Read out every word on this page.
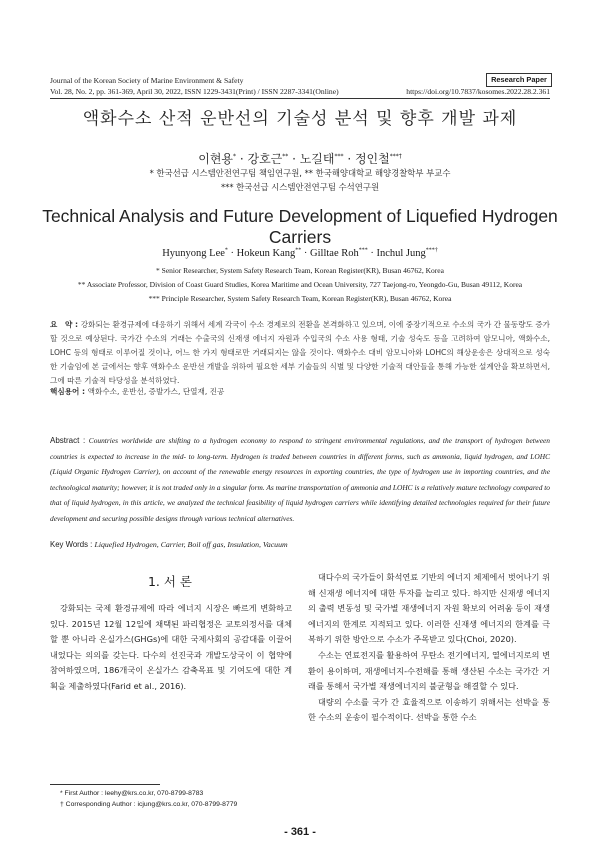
Journal of the Korean Society of Marine Environment & Safety	Research Paper
Vol. 28, No. 2, pp. 361-369, April 30, 2022, ISSN 1229-3431(Print) / ISSN 2287-3341(Online)	https://doi.org/10.7837/kosomes.2022.28.2.361
액화수소 산적 운반선의 기술성 분석 및 향후 개발 과제
이현용* · 강호근** · 노길태*** · 정인철***†
* 한국선급 시스템안전연구팀 책임연구원, ** 한국해양대학교 해양경찰학부 부교수
*** 한국선급 시스템안전연구팀 수석연구원
Technical Analysis and Future Development of Liquefied Hydrogen Carriers
Hyunyong Lee* · Hokeun Kang** · Gilltae Roh*** · Inchul Jung***†
* Senior Researcher, System Safety Research Team, Korean Register(KR), Busan 46762, Korea
** Associate Professor, Division of Coast Guard Studies, Korea Maritime and Ocean University, 727 Taejong-ro, Yeongdo-Gu, Busan 49112, Korea
*** Principle Researcher, System Safety Research Team, Korean Register(KR), Busan 46762, Korea
요　약 : 강화되는 환경규제에 대응하기 위해서 세계 각국이 수소 경제로의 전환을 본격화하고 있으며, 이에 중장기적으로 수소의 국가 간 물동량도 증가할 것으로 예상된다. 국가간 수소의 거래는 수출국의 신재생 에너지 자원과 수입국의 수소 사용 형태, 기술 성숙도 등을 고려하여 암모니아, 액화수소, LOHC 등의 형태로 이루어질 것이나, 어느 한 가지 형태로만 거래되지는 않을 것이다. 액화수소 대비 암모니아와 LOHC의 해상운송은 상대적으로 성숙한 기술임에 본 글에서는 향후 액화수소 운반선 개발을 위하여 필요한 세부 기술들의 식별 및 다양한 기술적 대안들을 통해 가능한 설계안을 확보하면서, 그에 따른 기술적 타당성을 분석하였다.
핵심용어 : 액화수소, 운반선, 증발가스, 단열재, 진공
Abstract : Countries worldwide are shifting to a hydrogen economy to respond to stringent environmental regulations, and the transport of hydrogen between countries is expected to increase in the mid- to long-term. Hydrogen is traded between countries in different forms, such as ammonia, liquid hydrogen, and LOHC (Liquid Organic Hydrogen Carrier), on account of the renewable energy resources in exporting countries, the type of hydrogen use in importing countries, and the technological maturity; however, it is not traded only in a singular form. As marine transportation of ammonia and LOHC is a relatively mature technology compared to that of liquid hydrogen, in this article, we analyzed the technical feasibility of liquid hydrogen carriers while identifying detailed technologies required for their future development and securing possible designs through various technical alternatives.
Key Words : Liquefied Hydrogen, Carrier, Boil off gas, Insulation, Vacuum
1. 서 론

강화되는 국제 환경규제에 따라 에너지 시장은 빠르게 변화하고 있다. 2015년 12월 12일에 채택된 파리협정은 교토의정서를 대체할 뿐 아니라 온실가스(GHGs)에 대한 국제사회의 공감대를 이끌어 내었다는 의의를 갖는다. 다수의 선진국과 개발도상국이 이 협약에 참여하였으며, 186개국이 온실가스 감축목표 및 기여도에 대한 계획을 제출하였다(Farid et al., 2016).

대다수의 국가들이 화석연료 기반의 에너지 체제에서 벗어나기 위해 신재생 에너지에 대한 투자를 늘리고 있다. 하지만 신재생 에너지의 출력 변동성 및 국가별 재생에너지 자원 확보의 어려움 등이 재생에너지의 한계로 지적되고 있다. 이러한 신재생 에너지의 한계를 극복하기 위한 방안으로 수소가 주목받고 있다(Choi, 2020).

수소는 연료전지를 활용하여 무탄소 전기에너지, 열에너지로의 변환이 용이하며, 재생에너지-수전해를 통해 생산된 수소는 국가간 거래를 통해서 국가별 재생에너지의 불균형을 해결할 수 있다.

대량의 수소를 국가 간 효율적으로 이송하기 위해서는 선박을 통한 수소의 운송이 필수적이다. 선박을 통한 수소

* First Author : leehy@krs.co.kr, 070-8799-8783
† Corresponding Author : icjung@krs.co.kr, 070-8799-8779
- 361 -
